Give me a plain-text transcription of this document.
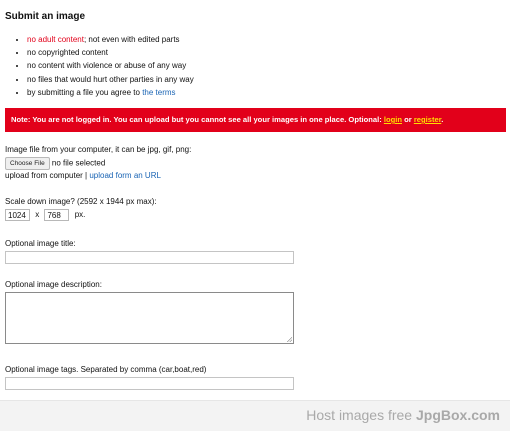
Submit an image
• no adult content; not even with edited parts
• no copyrighted content
• no content with violence or abuse of any way
• no files that would hurt other parties in any way
• by submitting a file you agree to the terms
Note: You are not logged in. You can upload but you cannot see all your images in one place. Optional: login or register.
Image file from your computer, it can be jpg, gif, png:
Choose File no file selected
upload from computer | upload form an URL
Scale down image? (2592 x 1944 px max):
1024 x 768 px.
Optional image title:
Optional image description:
Optional image tags. Separated by comma (car,boat,red)
Host images free JpgBox.com
